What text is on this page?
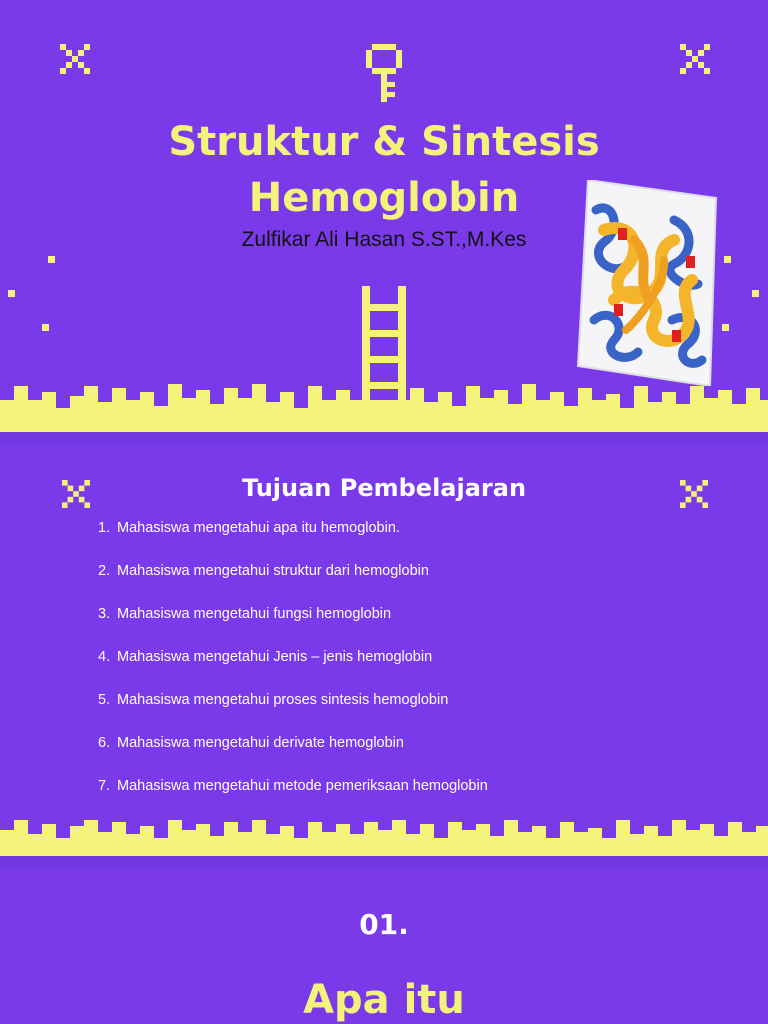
Struktur & Sintesis
Hemoglobin
Zulfikar Ali Hasan S.ST.,M.Kes
Tujuan Pembelajaran
1. Mahasiswa mengetahui apa itu hemoglobin.
2. Mahasiswa mengetahui struktur dari hemoglobin
3. Mahasiswa mengetahui fungsi hemoglobin
4. Mahasiswa mengetahui Jenis – jenis hemoglobin
5. Mahasiswa mengetahui proses sintesis hemoglobin
6. Mahasiswa mengetahui derivate hemoglobin
7. Mahasiswa mengetahui metode pemeriksaan hemoglobin
01.
Apa itu
